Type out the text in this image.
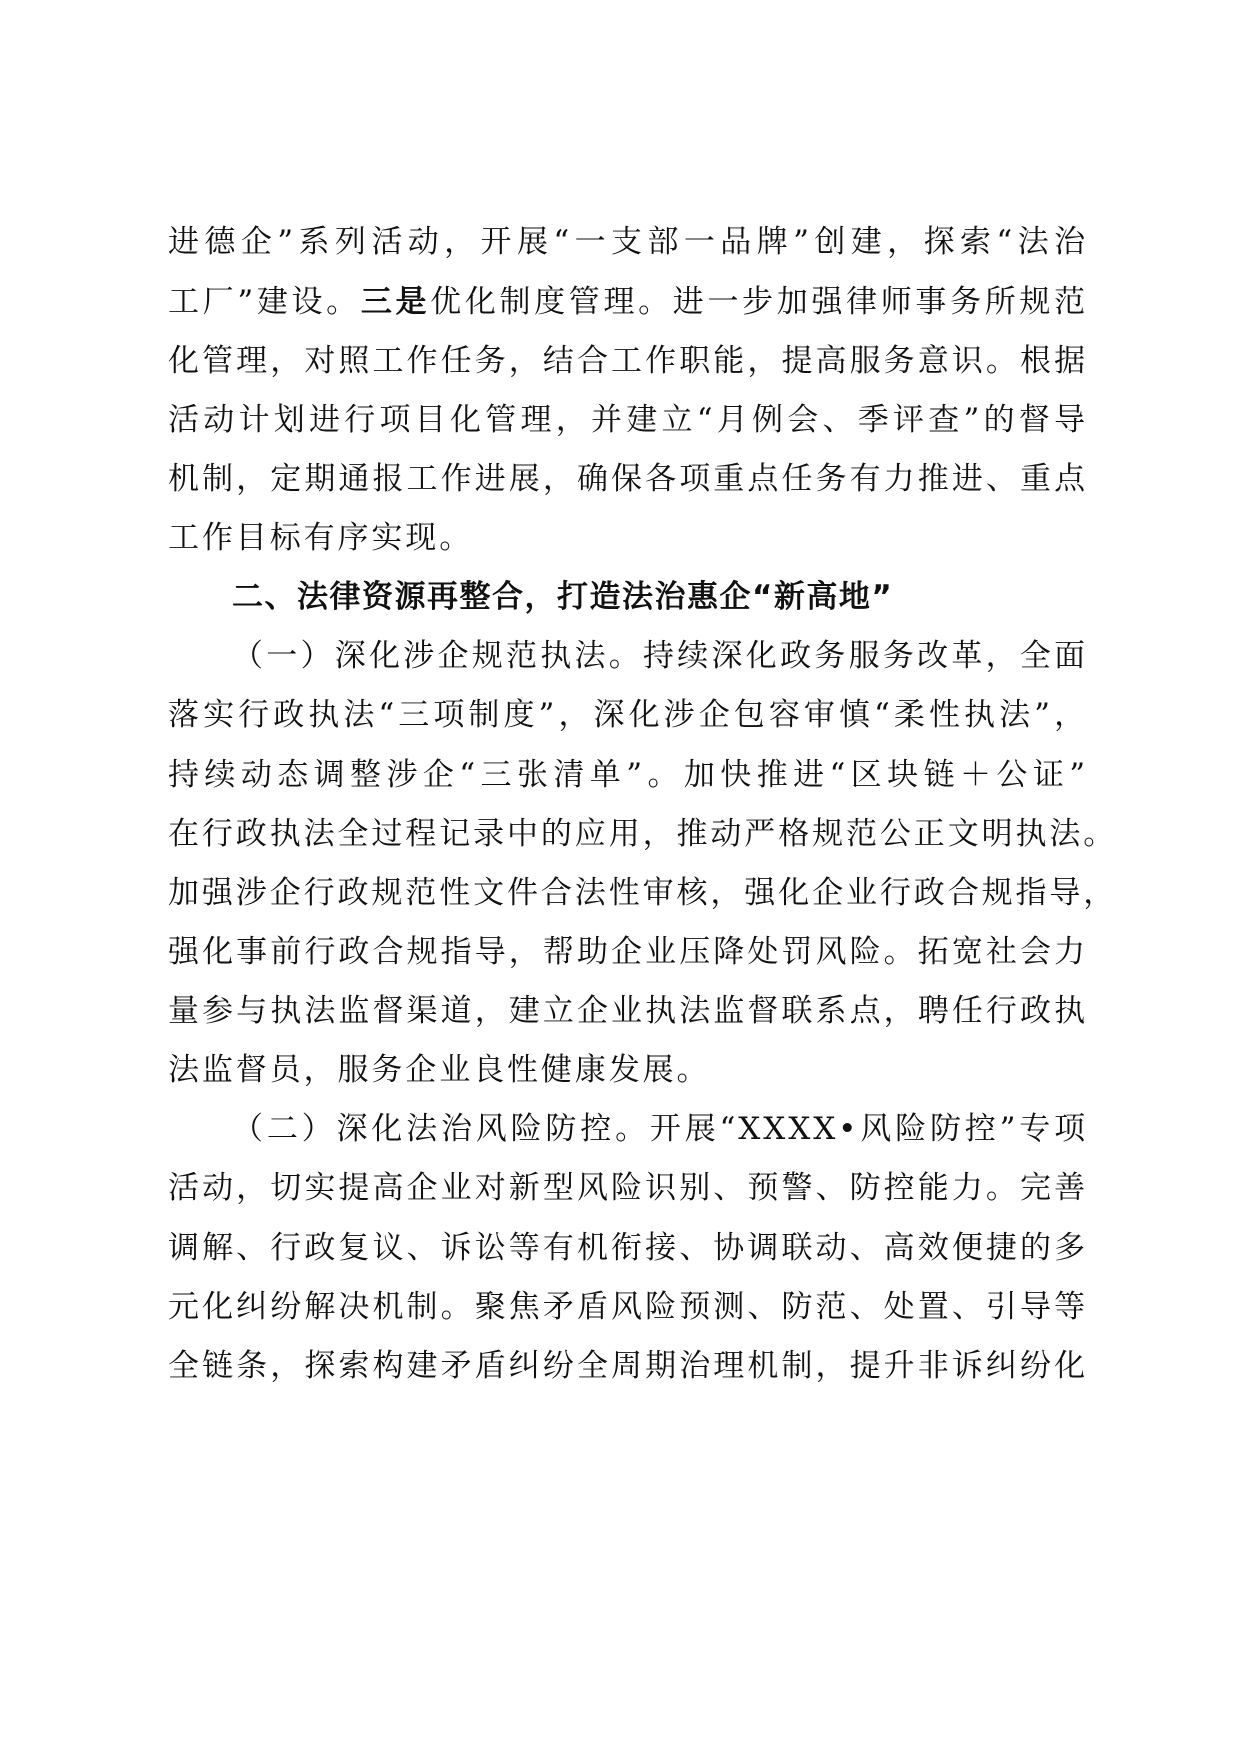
进德企”系列活动，开展“一支部一品牌”创建，探索“法治
工厂”建设。三是优化制度管理。进一步加强律师事务所规范
化管理，对照工作任务，结合工作职能，提高服务意识。根据
活动计划进行项目化管理，并建立“月例会、季评查”的督导
机制，定期通报工作进展，确保各项重点任务有力推进、重点
工作目标有序实现。
二、法律资源再整合，打造法治惠企“新高地”
（一）深化涉企规范执法。持续深化政务服务改革，全面
落实行政执法“三项制度”，深化涉企包容审慎“柔性执法”，
持续动态调整涉企“三张清单”。加快推进“区块链＋公证”
在行政执法全过程记录中的应用，推动严格规范公正文明执法。
加强涉企行政规范性文件合法性审核，强化企业行政合规指导，
强化事前行政合规指导，帮助企业压降处罚风险。拓宽社会力
量参与执法监督渠道，建立企业执法监督联系点，聘任行政执
法监督员，服务企业良性健康发展。
（二）深化法治风险防控。开展“XXXX•风险防控”专项
活动，切实提高企业对新型风险识别、预警、防控能力。完善
调解、行政复议、诉讼等有机衔接、协调联动、高效便捷的多
元化纠纷解决机制。聚焦矛盾风险预测、防范、处置、引导等
全链条，探索构建矛盾纠纷全周期治理机制，提升非诉纠纷化
